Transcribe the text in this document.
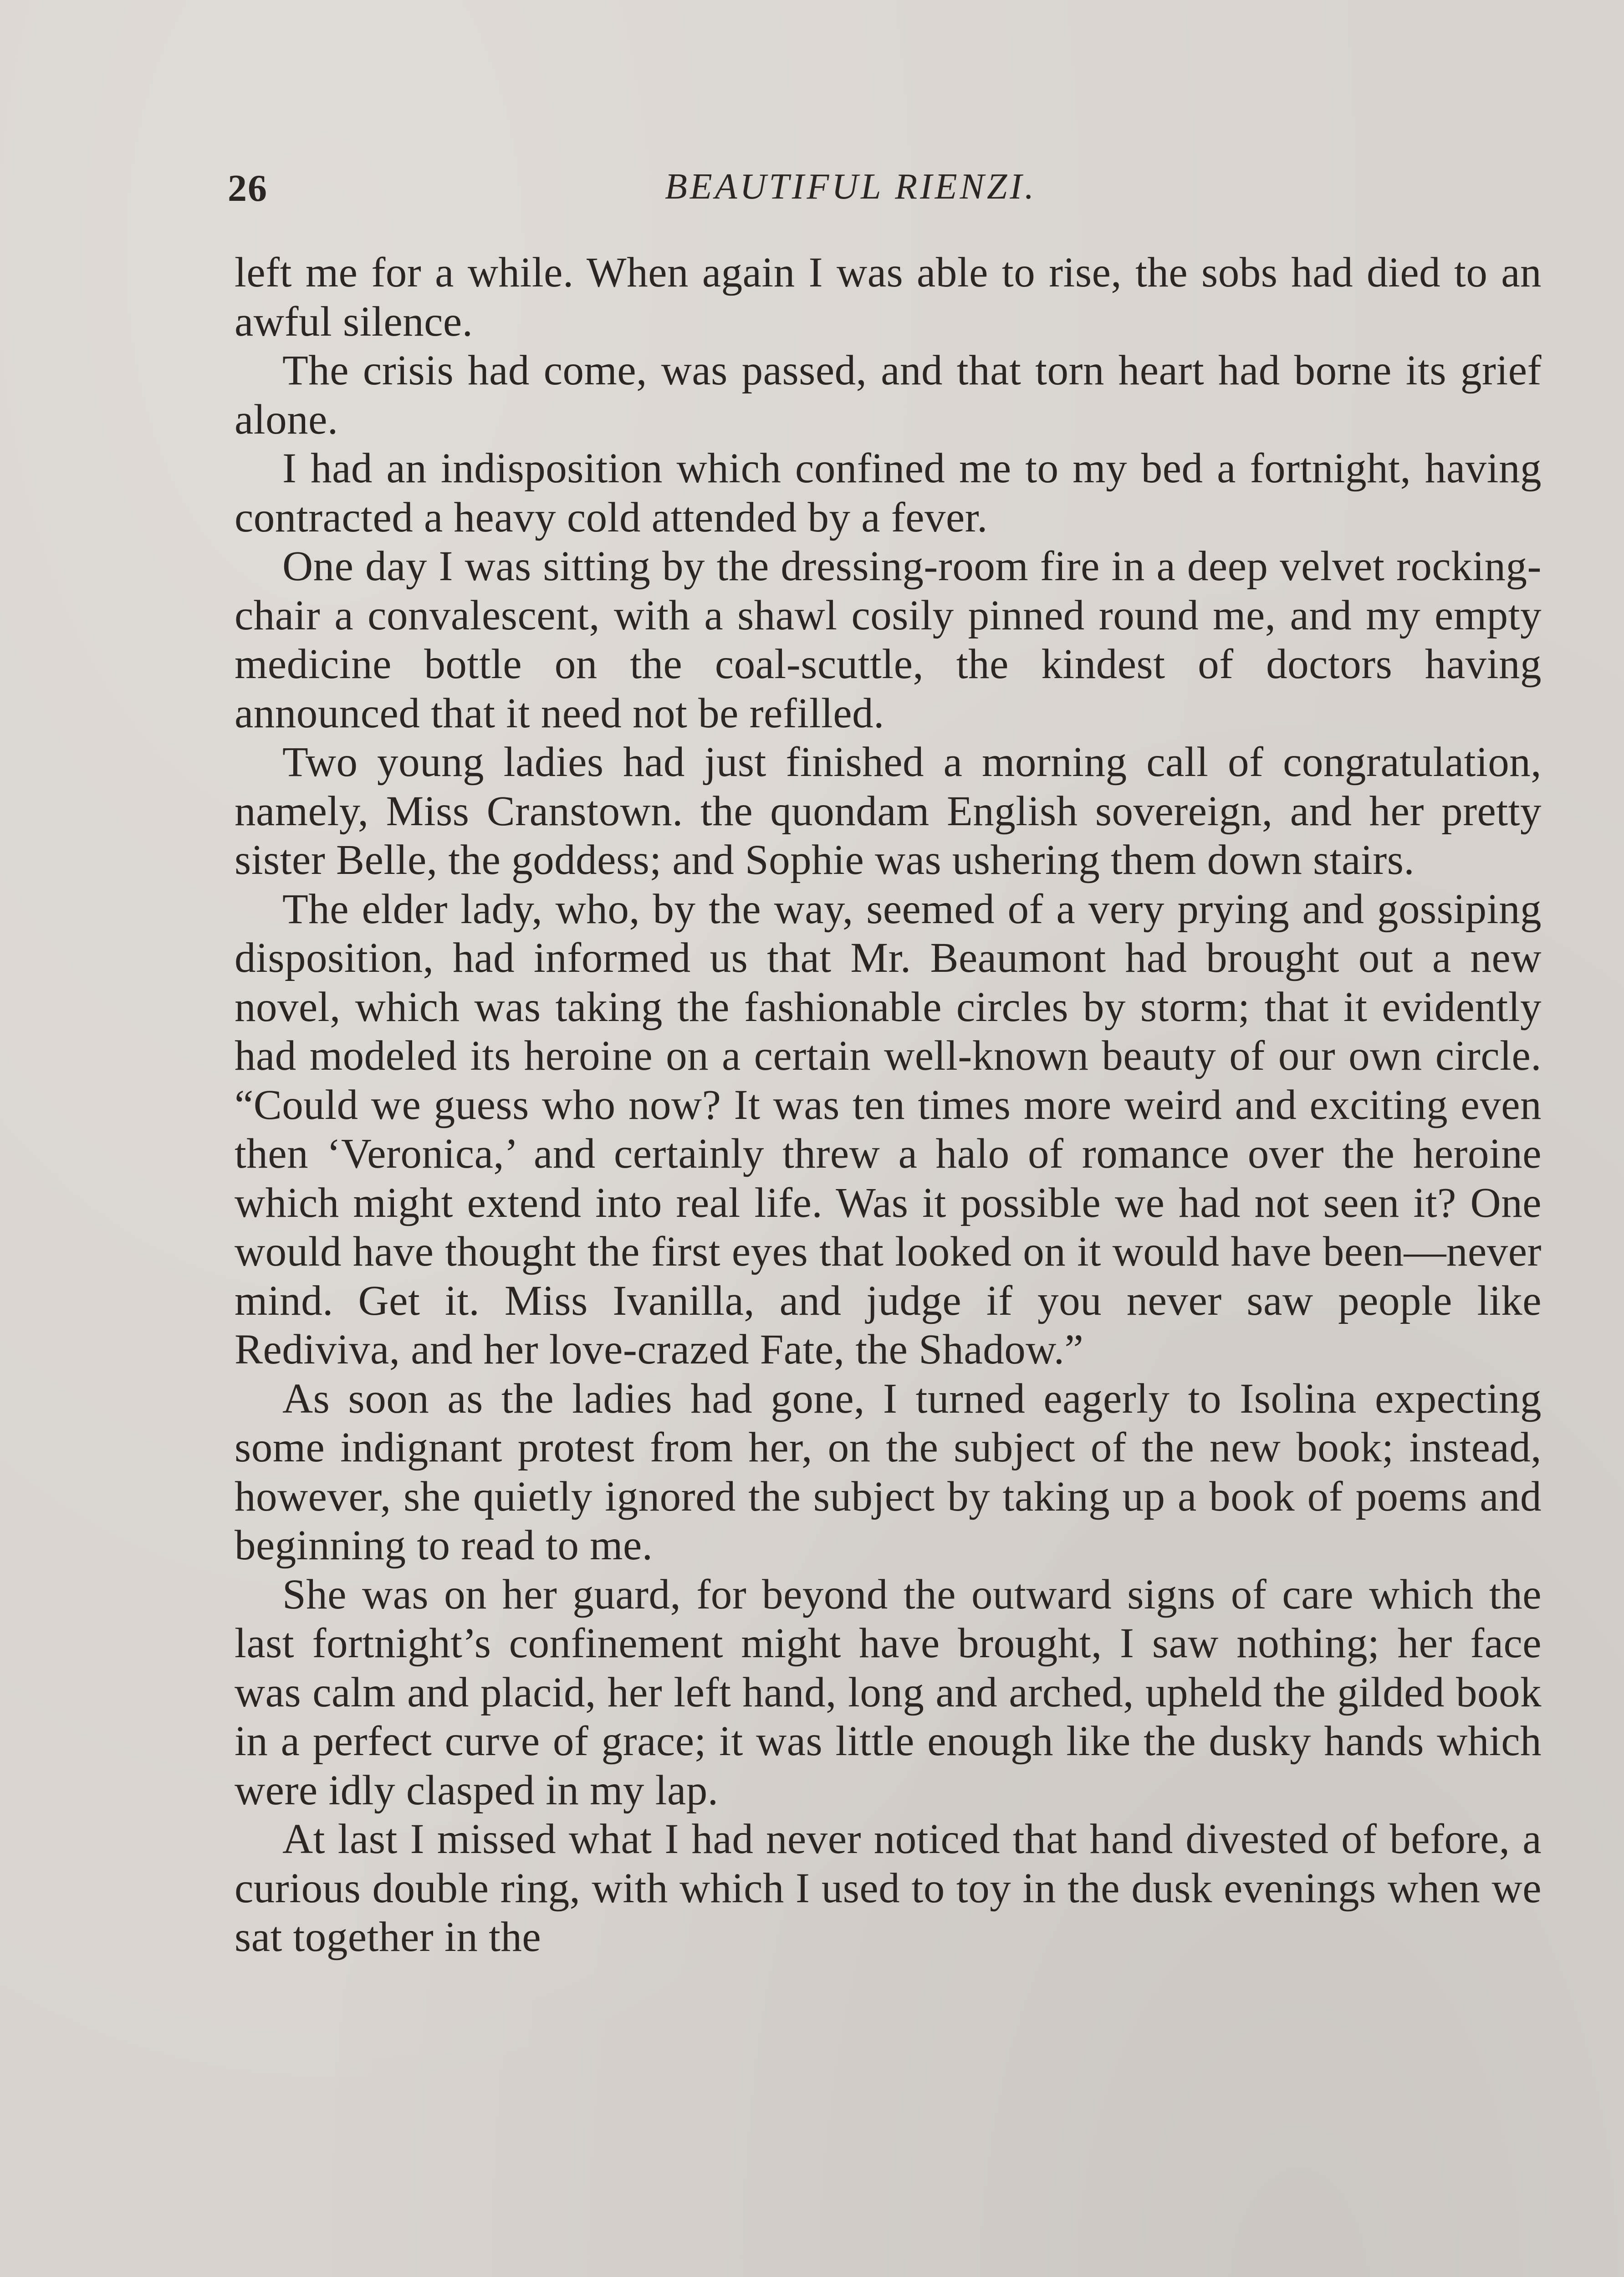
26	BEAUTIFUL RIENZI.

left me for a while. When again I was able to rise, the sobs had died to an awful silence.

The crisis had come, was passed, and that torn heart had borne its grief alone.

I had an indisposition which confined me to my bed a fortnight, having contracted a heavy cold attended by a fever.

One day I was sitting by the dressing-room fire in a deep velvet rocking-chair a convalescent, with a shawl cosily pinned round me, and my empty medicine bottle on the coal-scuttle, the kindest of doctors having announced that it need not be refilled.

Two young ladies had just finished a morning call of congratulation, namely, Miss Cranstown. the quondam English sovereign, and her pretty sister Belle, the goddess; and Sophie was ushering them down stairs.

The elder lady, who, by the way, seemed of a very prying and gossiping disposition, had informed us that Mr. Beaumont had brought out a new novel, which was taking the fashionable circles by storm; that it evidently had modeled its heroine on a certain well-known beauty of our own circle. “Could we guess who now? It was ten times more weird and exciting even then ‘Veronica,’ and certainly threw a halo of romance over the heroine which might extend into real life. Was it possible we had not seen it? One would have thought the first eyes that looked on it would have been—never mind. Get it. Miss Ivanilla, and judge if you never saw people like Rediviva, and her love-crazed Fate, the Shadow.”

As soon as the ladies had gone, I turned eagerly to Isolina expecting some indignant protest from her, on the subject of the new book; instead, however, she quietly ignored the subject by taking up a book of poems and beginning to read to me.

She was on her guard, for beyond the outward signs of care which the last fortnight’s confinement might have brought, I saw nothing; her face was calm and placid, her left hand, long and arched, upheld the gilded book in a perfect curve of grace; it was little enough like the dusky hands which were idly clasped in my lap.

At last I missed what I had never noticed that hand divested of before, a curious double ring, with which I used to toy in the dusk evenings when we sat together in the
